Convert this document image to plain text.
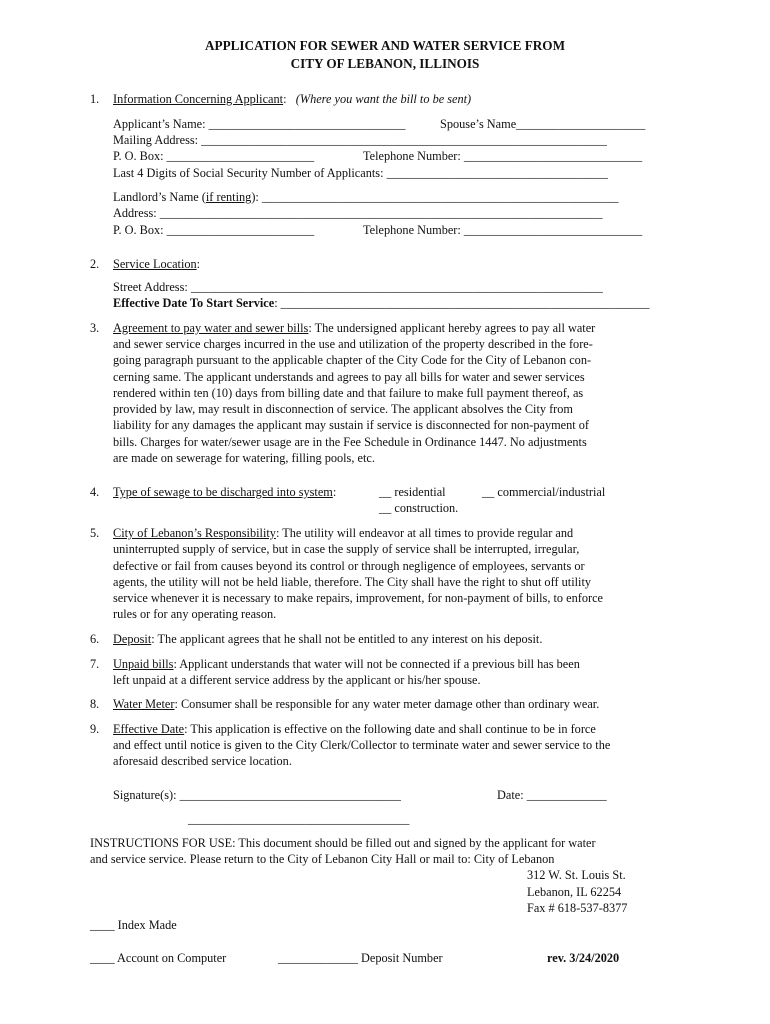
APPLICATION FOR SEWER AND WATER SERVICE FROM
CITY OF LEBANON, ILLINOIS
1. Information Concerning Applicant: (Where you want the bill to be sent)
Applicant’s Name: ________________________________	Spouse’s Name_____________________
Mailing Address: __________________________________________________________________
P. O. Box: ________________________	Telephone Number: _____________________________
Last 4 Digits of Social Security Number of Applicants: ____________________________________
Landlord’s Name (if renting): __________________________________________________________
Address: ________________________________________________________________________
P. O. Box: ________________________	Telephone Number: _____________________________
2. Service Location:
Street Address: ___________________________________________________________________
Effective Date To Start Service: ____________________________________________________________
3. Agreement to pay water and sewer bills: The undersigned applicant hereby agrees to pay all water
and sewer service charges incurred in the use and utilization of the property described in the fore-
going paragraph pursuant to the applicable chapter of the City Code for the City of Lebanon con-
cerning same. The applicant understands and agrees to pay all bills for water and sewer services
rendered within ten (10) days from billing date and that failure to make full payment thereof, as
provided by law, may result in disconnection of service. The applicant absolves the City from
liability for any damages the applicant may sustain if service is disconnected for non-payment of
bills. Charges for water/sewer usage are in the Fee Schedule in Ordinance 1447. No adjustments
are made on sewerage for watering, filling pools, etc.
4. Type of sewage to be discharged into system:	__ residential	__ commercial/industrial
__ construction.
5. City of Lebanon’s Responsibility: The utility will endeavor at all times to provide regular and
uninterrupted supply of service, but in case the supply of service shall be interrupted, irregular,
defective or fail from causes beyond its control or through negligence of employees, servants or
agents, the utility will not be held liable, therefore. The City shall have the right to shut off utility
service whenever it is necessary to make repairs, improvement, for non-payment of bills, to enforce
rules or for any operating reason.
6. Deposit: The applicant agrees that he shall not be entitled to any interest on his deposit.
7. Unpaid bills: Applicant understands that water will not be connected if a previous bill has been
left unpaid at a different service address by the applicant or his/her spouse.
8. Water Meter: Consumer shall be responsible for any water meter damage other than ordinary wear.
9. Effective Date: This application is effective on the following date and shall continue to be in force
and effect until notice is given to the City Clerk/Collector to terminate water and sewer service to the
aforesaid described service location.
Signature(s): ____________________________________	Date: _____________
____________________________________
INSTRUCTIONS FOR USE: This document should be filled out and signed by the applicant for water
and service service. Please return to the City of Lebanon City Hall or mail to: City of Lebanon
312 W. St. Louis St.
Lebanon, IL 62254
Fax # 618-537-8377
____ Index Made
____ Account on Computer	_____________ Deposit Number	rev. 3/24/2020
